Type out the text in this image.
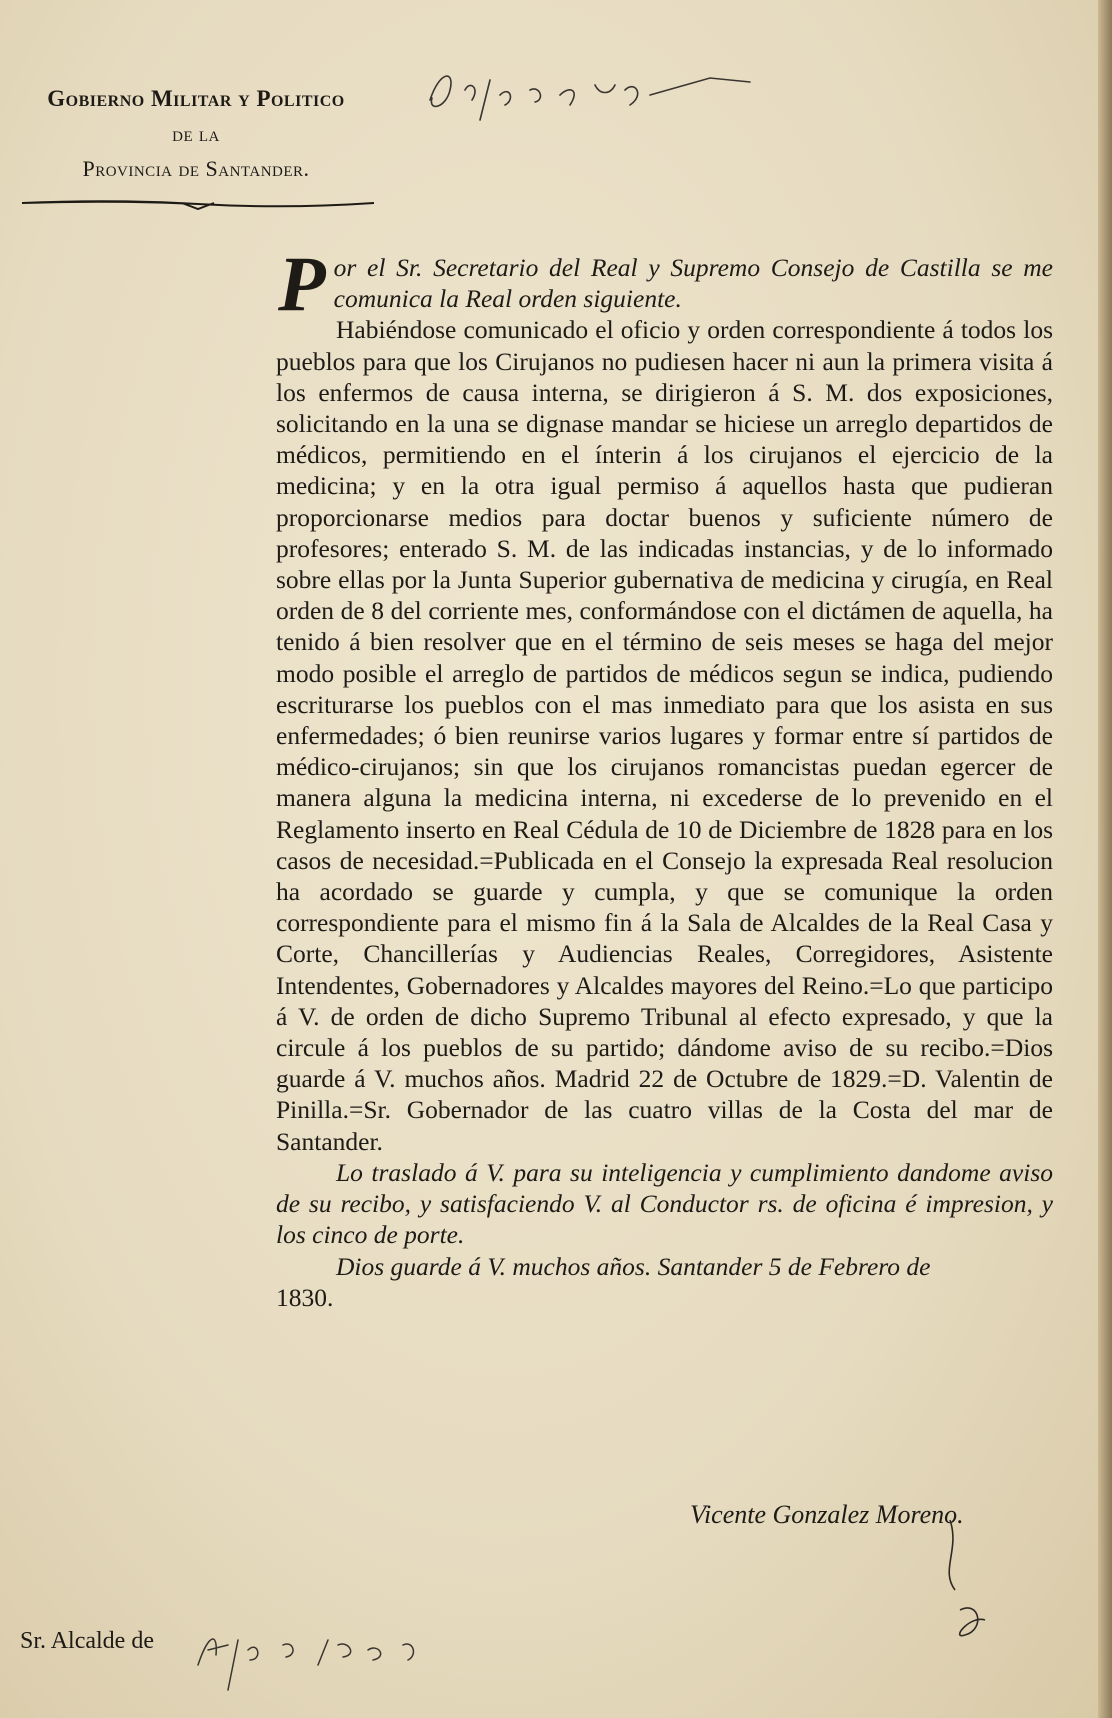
Gobierno Militar y Politico

de la

Provincia de Santander.

Por el Sr. Secretario del Real y Supremo Consejo de Castilla se me comunica la Real orden siguiente.

Habiéndose comunicado el oficio y orden correspondiente á todos los pueblos para que los Cirujanos no pudiesen hacer ni aun la primera visita á los enfermos de causa interna, se dirigieron á S. M. dos exposiciones, solicitando en la una se dignase mandar se hiciese un arreglo departidos de médicos, permitiendo en el ínterin á los cirujanos el ejercicio de la medicina; y en la otra igual permiso á aquellos hasta que pudieran proporcionarse medios para doctar buenos y suficiente número de profesores; enterado S. M. de las indicadas instancias, y de lo informado sobre ellas por la Junta Superior gubernativa de medicina y cirugía, en Real orden de 8 del corriente mes, conformándose con el dictámen de aquella, ha tenido á bien resolver que en el término de seis meses se haga del mejor modo posible el arreglo de partidos de médicos segun se indica, pudiendo escriturarse los pueblos con el mas inmediato para que los asista en sus enfermedades; ó bien reunirse varios lugares y formar entre sí partidos de médico-cirujanos; sin que los cirujanos romancistas puedan egercer de manera alguna la medicina interna, ni excederse de lo prevenido en el Reglamento inserto en Real Cédula de 10 de Diciembre de 1828 para en los casos de necesidad.=Publicada en el Consejo la expresada Real resolucion ha acordado se guarde y cumpla, y que se comunique la orden correspondiente para el mismo fin á la Sala de Alcaldes de la Real Casa y Corte, Chancillerías y Audiencias Reales, Corregidores, Asistente Intendentes, Gobernadores y Alcaldes mayores del Reino.=Lo que participo á V. de orden de dicho Supremo Tribunal al efecto expresado, y que la circule á los pueblos de su partido; dándome aviso de su recibo.=Dios guarde á V. muchos años. Madrid 22 de Octubre de 1829.=D. Valentin de Pinilla.=Sr. Gobernador de las cuatro villas de la Costa del mar de Santander.

Lo traslado á V. para su inteligencia y cumplimiento dandome aviso de su recibo, y satisfaciendo V. al Conductor rs. de oficina é impresion, y los cinco de porte.

Dios guarde á V. muchos años. Santander 5 de Febrero de

1830.

Vicente Gonzalez Moreno.
Sr. Alcalde de
